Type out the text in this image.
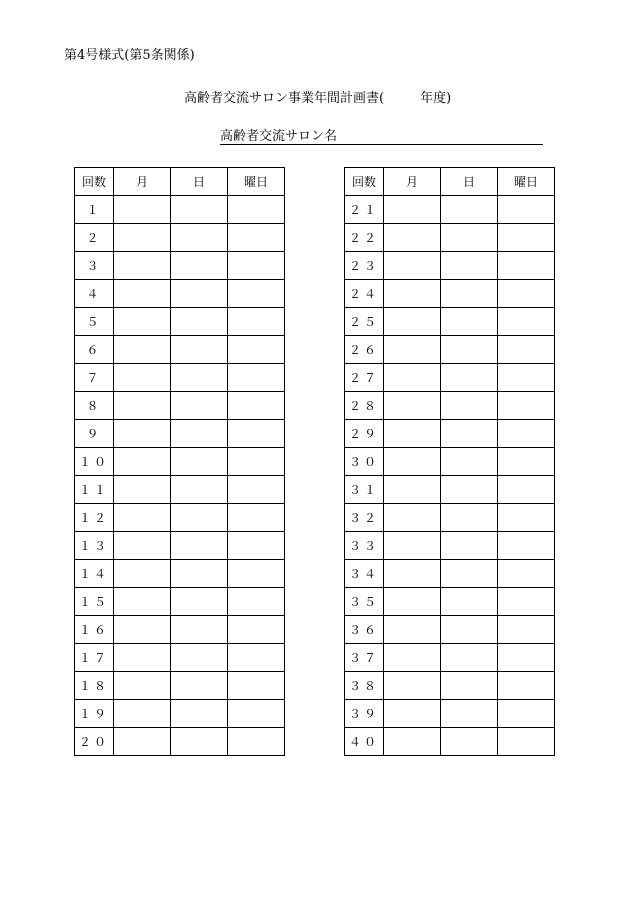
第4号様式(第5条関係)
高齢者交流サロン事業年間計画書(	年度)
高齢者交流サロン名
回数	月	日	曜日
１			
２			
３			
４			
５			
６			
７			
８			
９			
１０			
１１			
１２			
１３			
１４			
１５			
１６			
１７			
１８			
１９			
２０			
回数	月	日	曜日
２１			
２２			
２３			
２４			
２５			
２６			
２７			
２８			
２９			
３０			
３１			
３２			
３３			
３４			
３５			
３６			
３７			
３８			
３９			
４０			
